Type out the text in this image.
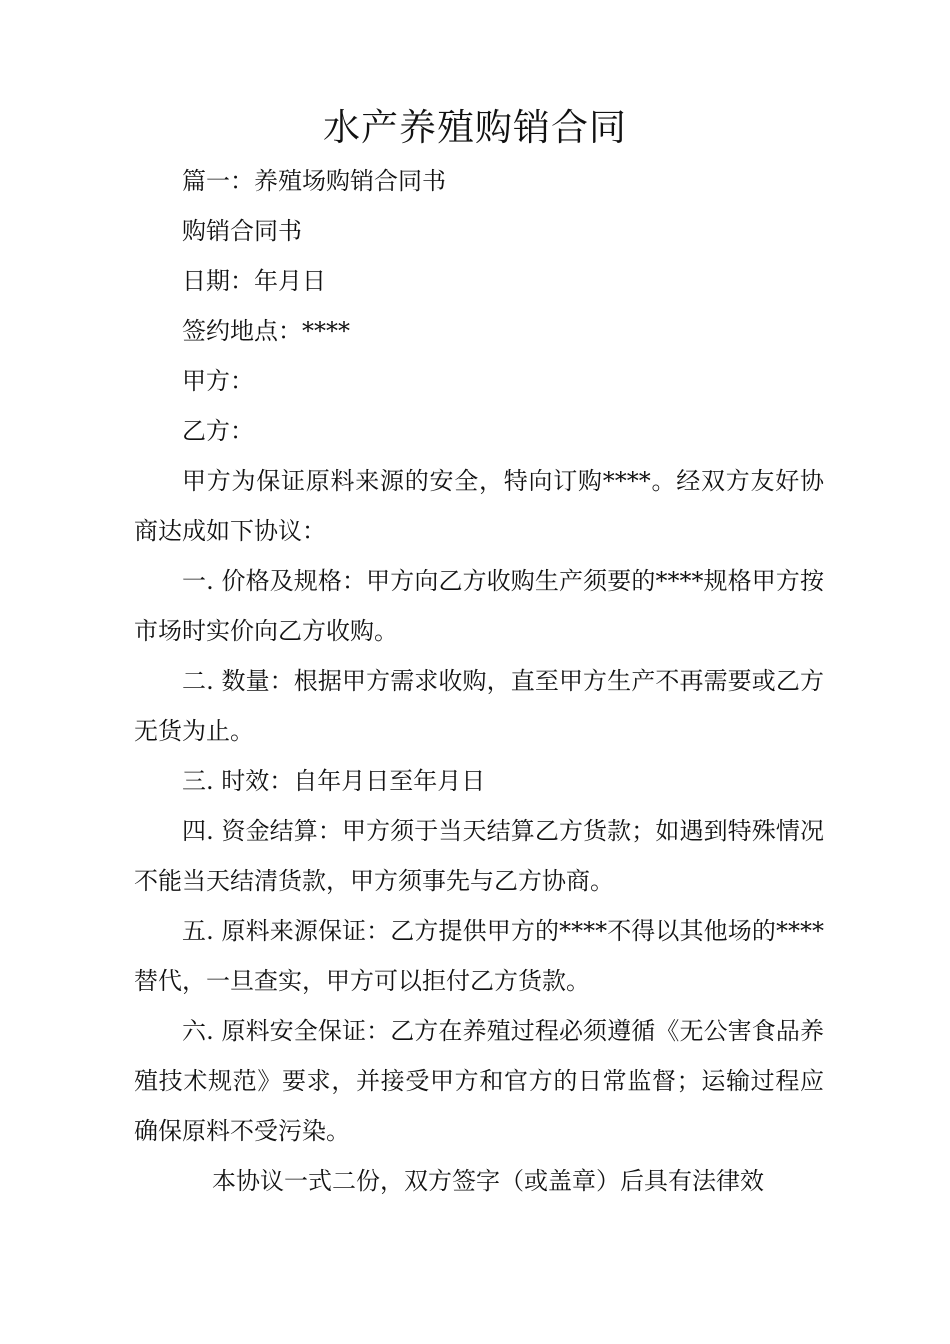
水产养殖购销合同

篇一：养殖场购销合同书

购销合同书

日期：年月日

签约地点：****

甲方：

乙方：

甲方为保证原料来源的安全，特向订购****。经双方友好协商达成如下协议：

一. 价格及规格：甲方向乙方收购生产须要的****规格甲方按市场时实价向乙方收购。

二. 数量：根据甲方需求收购，直至甲方生产不再需要或乙方无货为止。

三. 时效：自年月日至年月日

四. 资金结算：甲方须于当天结算乙方货款；如遇到特殊情况不能当天结清货款，甲方须事先与乙方协商。

五. 原料来源保证：乙方提供甲方的****不得以其他场的****替代，一旦查实，甲方可以拒付乙方货款。

六. 原料安全保证：乙方在养殖过程必须遵循《无公害食品养殖技术规范》要求，并接受甲方和官方的日常监督；运输过程应确保原料不受污染。

本协议一式二份，双方签字（或盖章）后具有法律效
